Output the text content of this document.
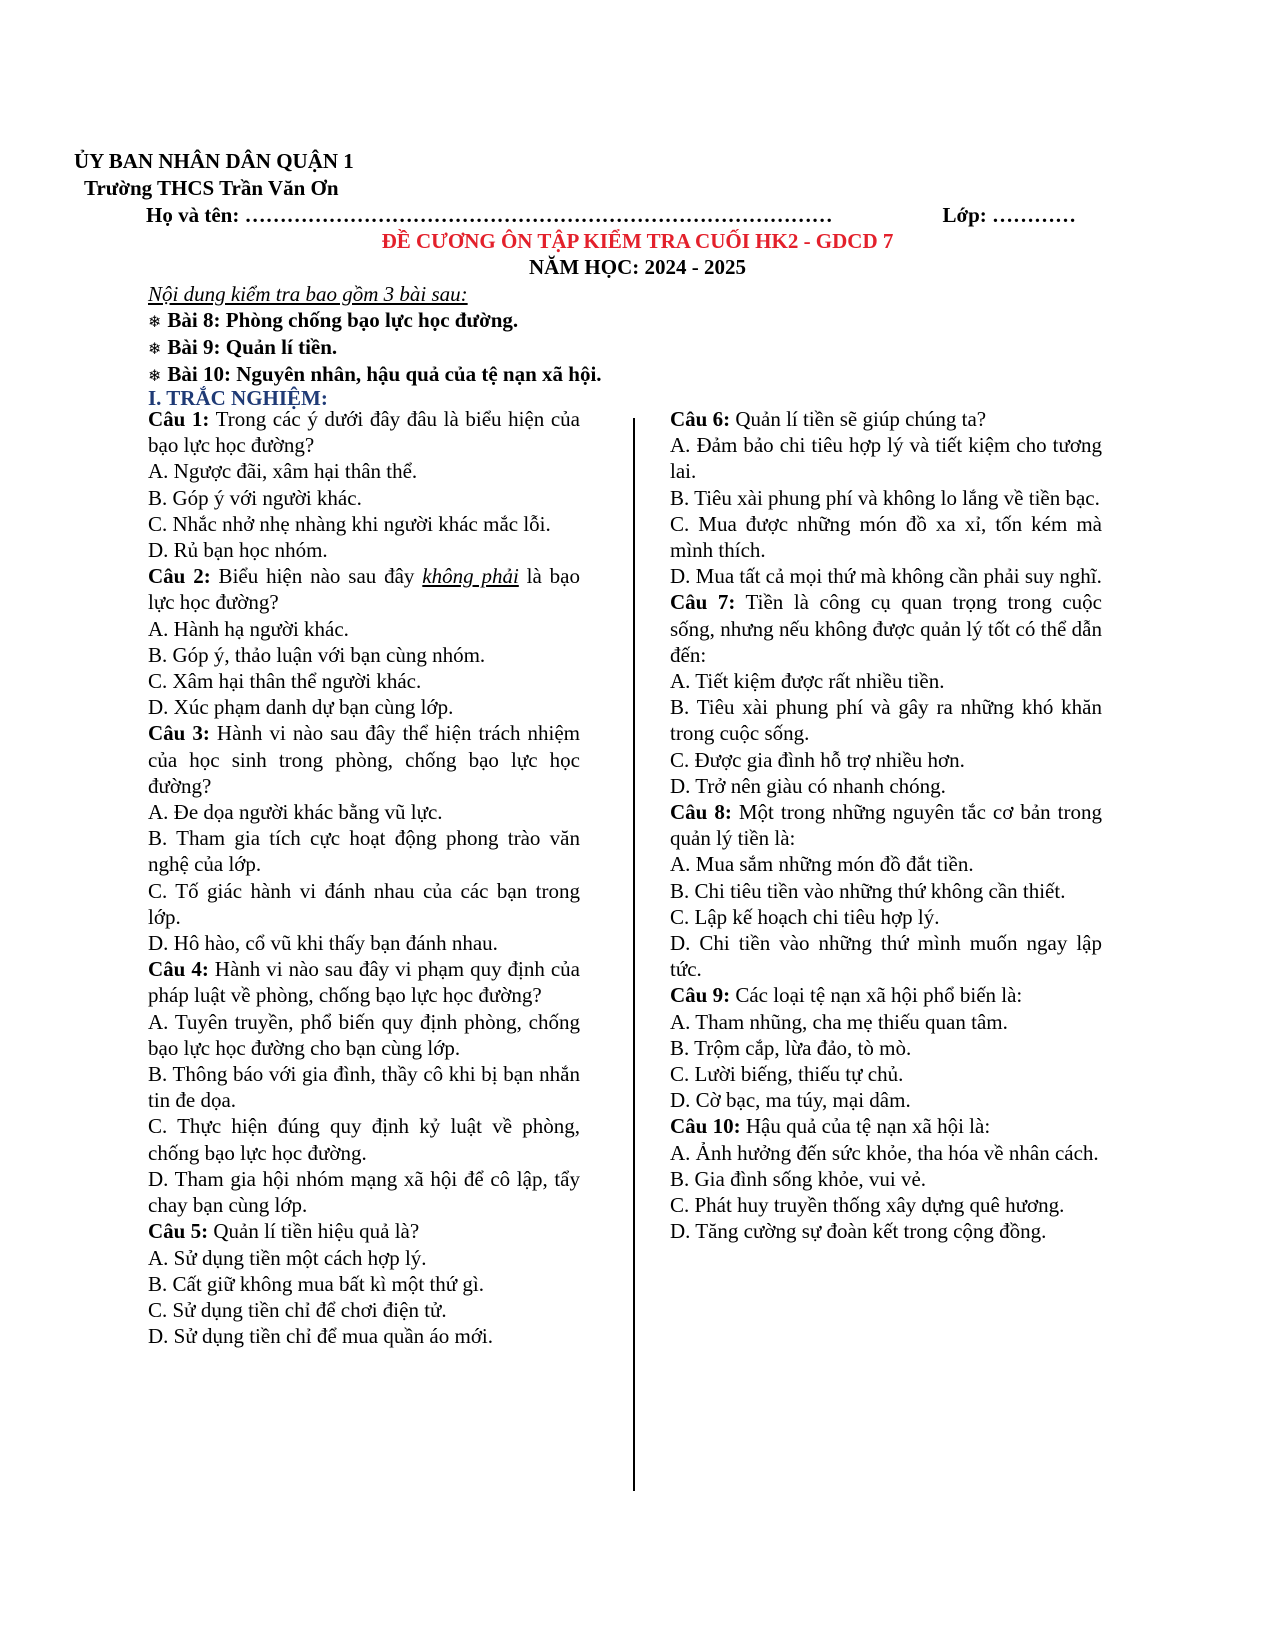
ỦY BAN NHÂN DÂN QUẬN 1
Trường THCS Trần Văn Ơn
Họ và tên: …………………………………………………………………………	Lớp: …………
ĐỀ CƯƠNG ÔN TẬP KIỂM TRA CUỐI HK2 - GDCD 7
NĂM HỌC: 2024 - 2025
Nội dung kiểm tra bao gồm 3 bài sau:
❄ Bài 8: Phòng chống bạo lực học đường.
❄ Bài 9: Quản lí tiền.
❄ Bài 10: Nguyên nhân, hậu quả của tệ nạn xã hội.
I. TRẮC NGHIỆM:

Câu 1: Trong các ý dưới đây đâu là biểu hiện của bạo lực học đường?

A. Ngược đãi, xâm hại thân thể.

B. Góp ý với người khác.

C. Nhắc nhở nhẹ nhàng khi người khác mắc lỗi.

D. Rủ bạn học nhóm.

Câu 2: Biểu hiện nào sau đây không phải là bạo lực học đường?

A. Hành hạ người khác.

B. Góp ý, thảo luận với bạn cùng nhóm.

C. Xâm hại thân thể người khác.

D. Xúc phạm danh dự bạn cùng lớp.

Câu 3: Hành vi nào sau đây thể hiện trách nhiệm của học sinh trong phòng, chống bạo lực học đường?

A. Đe dọa người khác bằng vũ lực.

B. Tham gia tích cực hoạt động phong trào văn nghệ của lớp.

C. Tố giác hành vi đánh nhau của các bạn trong lớp.

D. Hô hào, cổ vũ khi thấy bạn đánh nhau.

Câu 4: Hành vi nào sau đây vi phạm quy định của pháp luật về phòng, chống bạo lực học đường?

A. Tuyên truyền, phổ biến quy định phòng, chống bạo lực học đường cho bạn cùng lớp.

B. Thông báo với gia đình, thầy cô khi bị bạn nhắn tin đe dọa.

C. Thực hiện đúng quy định kỷ luật về phòng, chống bạo lực học đường.

D. Tham gia hội nhóm mạng xã hội để cô lập, tẩy chay bạn cùng lớp.

Câu 5: Quản lí tiền hiệu quả là?

A. Sử dụng tiền một cách hợp lý.

B. Cất giữ không mua bất kì một thứ gì.

C. Sử dụng tiền chỉ để chơi điện tử.

D. Sử dụng tiền chỉ để mua quần áo mới.

Câu 6: Quản lí tiền sẽ giúp chúng ta?

A. Đảm bảo chi tiêu hợp lý và tiết kiệm cho tương lai.

B. Tiêu xài phung phí và không lo lắng về tiền bạc.

C. Mua được những món đồ xa xỉ, tốn kém mà mình thích.

D. Mua tất cả mọi thứ mà không cần phải suy nghĩ.

Câu 7: Tiền là công cụ quan trọng trong cuộc sống, nhưng nếu không được quản lý tốt có thể dẫn đến:

A. Tiết kiệm được rất nhiều tiền.

B. Tiêu xài phung phí và gây ra những khó khăn trong cuộc sống.

C. Được gia đình hỗ trợ nhiều hơn.

D. Trở nên giàu có nhanh chóng.

Câu 8: Một trong những nguyên tắc cơ bản trong quản lý tiền là:

A. Mua sắm những món đồ đắt tiền.

B. Chi tiêu tiền vào những thứ không cần thiết.

C. Lập kế hoạch chi tiêu hợp lý.

D. Chi tiền vào những thứ mình muốn ngay lập tức.

Câu 9: Các loại tệ nạn xã hội phổ biến là:

A. Tham nhũng, cha mẹ thiếu quan tâm.

B. Trộm cắp, lừa đảo, tò mò.

C. Lười biếng, thiếu tự chủ.

D. Cờ bạc, ma túy, mại dâm.

Câu 10: Hậu quả của tệ nạn xã hội là:

A. Ảnh hưởng đến sức khỏe, tha hóa về nhân cách.

B. Gia đình sống khỏe, vui vẻ.

C. Phát huy truyền thống xây dựng quê hương.

D. Tăng cường sự đoàn kết trong cộng đồng.
